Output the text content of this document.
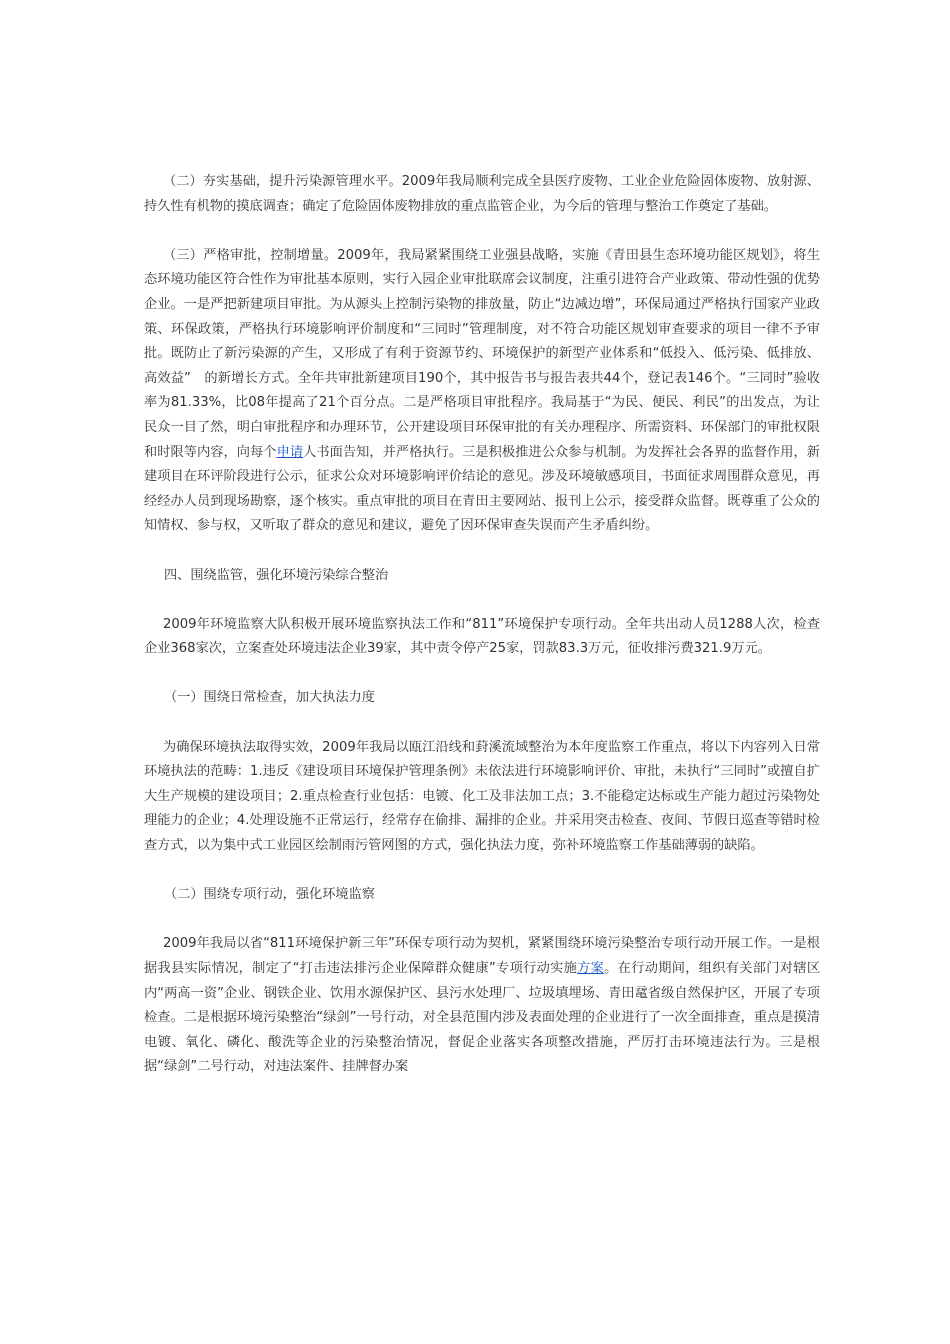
（二）夯实基础，提升污染源管理水平。2009年我局顺利完成全县医疗废物、工业企业危险固体废物、放射源、持久性有机物的摸底调查；确定了危险固体废物排放的重点监管企业，为今后的管理与整治工作奠定了基础。

（三）严格审批，控制增量。2009年，我局紧紧围绕工业强县战略，实施《青田县生态环境功能区规划》，将生态环境功能区符合性作为审批基本原则，实行入园企业审批联席会议制度，注重引进符合产业政策、带动性强的优势企业。一是严把新建项目审批。为从源头上控制污染物的排放量，防止“边减边增”，环保局通过严格执行国家产业政策、环保政策，严格执行环境影响评价制度和“三同时”管理制度，对不符合功能区规划审查要求的项目一律不予审批。既防止了新污染源的产生，又形成了有利于资源节约、环境保护的新型产业体系和“低投入、低污染、低排放、高效益”　的新增长方式。全年共审批新建项目190个，其中报告书与报告表共44个，登记表146个。“三同时”验收率为81.33%，比08年提高了21个百分点。二是严格项目审批程序。我局基于“为民、便民、利民”的出发点，为让民众一目了然，明白审批程序和办理环节，公开建设项目环保审批的有关办理程序、所需资料、环保部门的审批权限和时限等内容，向每个申请人书面告知，并严格执行。三是积极推进公众参与机制。为发挥社会各界的监督作用，新建项目在环评阶段进行公示，征求公众对环境影响评价结论的意见。涉及环境敏感项目，书面征求周围群众意见，再经经办人员到现场勘察，逐个核实。重点审批的项目在青田主要网站、报刊上公示，接受群众监督。既尊重了公众的知情权、参与权，又听取了群众的意见和建议，避免了因环保审查失误而产生矛盾纠纷。

四、围绕监管，强化环境污染综合整治

2009年环境监察大队积极开展环境监察执法工作和“811”环境保护专项行动。全年共出动人员1288人次，检查企业368家次，立案查处环境违法企业39家，其中责令停产25家，罚款83.3万元，征收排污费321.9万元。

（一）围绕日常检查，加大执法力度

为确保环境执法取得实效，2009年我局以瓯江沿线和葑溪流域整治为本年度监察工作重点，将以下内容列入日常环境执法的范畴：1.违反《建设项目环境保护管理条例》未依法进行环境影响评价、审批，未执行“三同时”或擅自扩大生产规模的建设项目；2.重点检查行业包括：电镀、化工及非法加工点；3.不能稳定达标或生产能力超过污染物处理能力的企业；4.处理设施不正常运行，经常存在偷排、漏排的企业。并采用突击检查、夜间、节假日巡查等错时检查方式，以为集中式工业园区绘制雨污管网图的方式，强化执法力度，弥补环境监察工作基础薄弱的缺陷。

（二）围绕专项行动，强化环境监察

2009年我局以省“811环境保护新三年”环保专项行动为契机，紧紧围绕环境污染整治专项行动开展工作。一是根据我县实际情况，制定了“打击违法排污企业保障群众健康”专项行动实施方案。在行动期间，组织有关部门对辖区内“两高一资”企业、钢铁企业、饮用水源保护区、县污水处理厂、垃圾填埋场、青田鼋省级自然保护区，开展了专项检查。二是根据环境污染整治“绿剑”一号行动，对全县范围内涉及表面处理的企业进行了一次全面排查，重点是摸清电镀、氧化、磷化、酸洗等企业的污染整治情况，督促企业落实各项整改措施，严厉打击环境违法行为。三是根据“绿剑”二号行动，对违法案件、挂牌督办案
